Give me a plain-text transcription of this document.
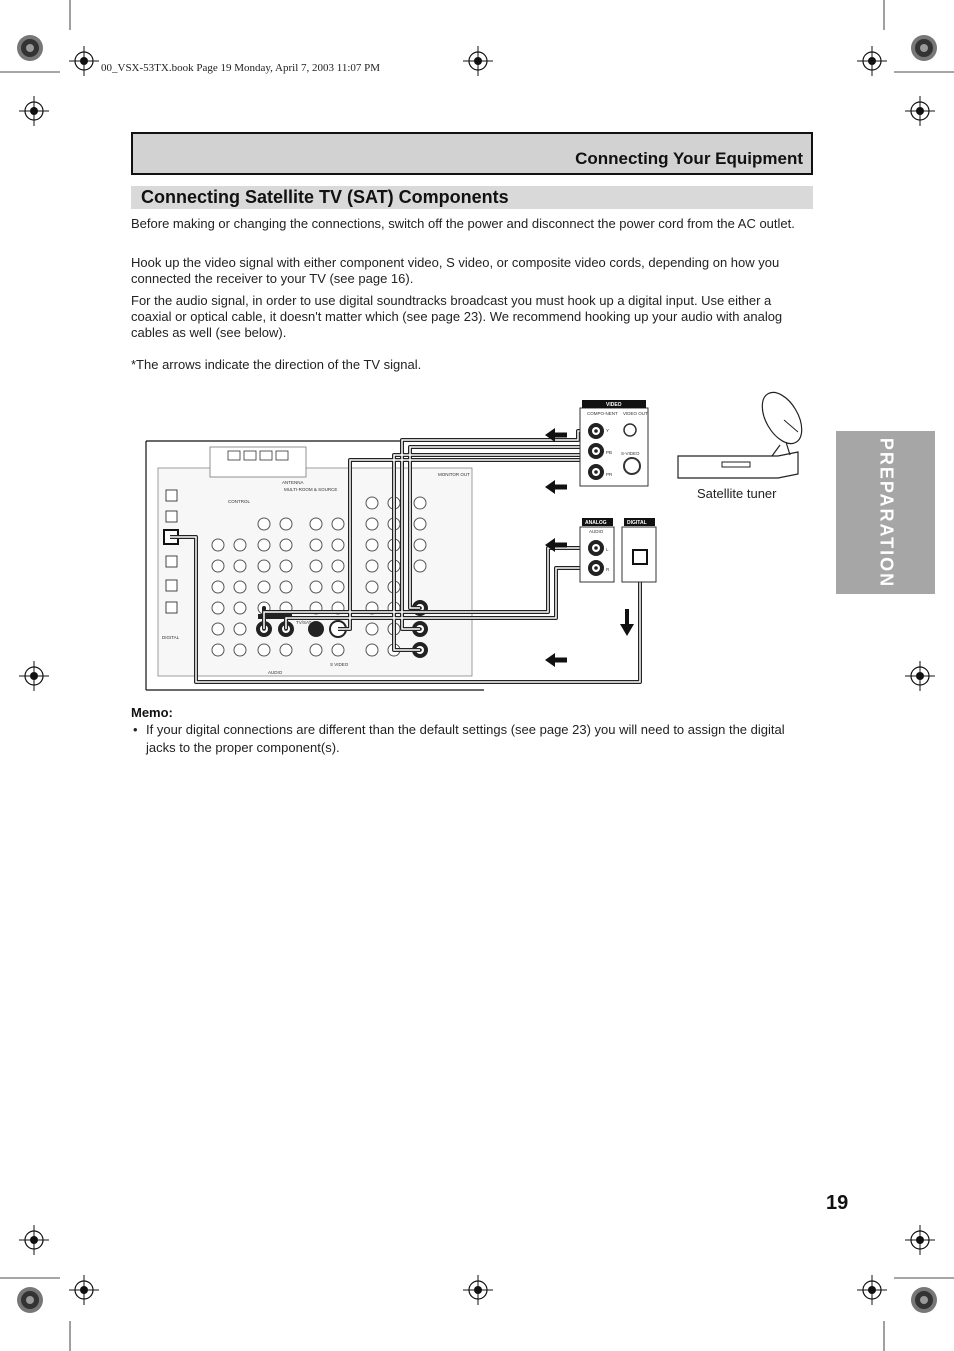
00_VSX-53TX.book Page 19 Monday, April 7, 2003 11:07 PM
Connecting Your Equipment
Connecting Satellite TV (SAT) Components

Before making or changing the connections, switch off the power and disconnect the power cord from the AC outlet.

Hook up the video signal with either component video, S video, or composite video cords, depending on how you connected the receiver to your TV (see page 16).

For the audio signal, in order to use digital soundtracks broadcast you must hook up a digital input. Use either a coaxial or optical cable, it doesn't matter which (see page 23). We recommend hooking up your audio with analog cables as well (see below).

*The arrows indicate the direction of the TV signal.

PREPARATION
ANTENNA
CONTROL
MULTI-ROOM & SOURCE
MONITOR OUT
DIGITAL
AUDIO
S VIDEO
TV/SAT
VIDEO
COMPO-NENT VIDEO OUT
S-VIDEO
Y
PB
PR
ANALOG
AUDIO
L
R
DIGITAL
Satellite tuner
Memo:
• If your digital connections are different than the default settings (see page 23) you will need to assign the digital jacks to the proper component(s).
19
